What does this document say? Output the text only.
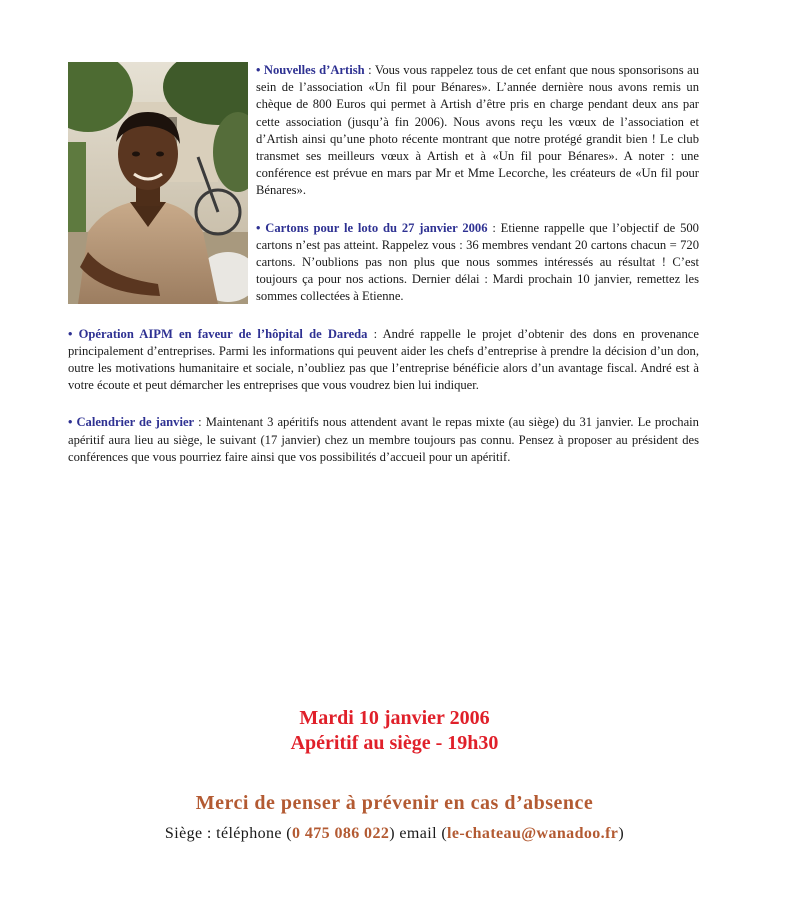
• Nouvelles d’Artish : Vous vous rappelez tous de cet enfant que nous sponsorisons au sein de l’association «Un fil pour Bénares». L’année dernière nous avons remis un chèque de 800 Euros qui permet à Artish d’être pris en charge pendant deux ans par cette association (jusqu’à fin 2006). Nous avons reçu les vœux de l’association et d’Artish ainsi qu’une photo récente montrant que notre protégé grandit bien ! Le club transmet ses meilleurs vœux à Artish et à «Un fil pour Bénares». A noter : une conférence est prévue en mars par Mr et Mme Lecorche, les créateurs de «Un fil pour Bénares».

• Cartons pour le loto du 27 janvier 2006 : Etienne rappelle que l’objectif de 500 cartons n’est pas atteint. Rappelez vous : 36 membres vendant 20 cartons chacun = 720 cartons. N’oublions pas non plus que nous sommes intéressés au résultat ! C’est toujours ça pour nos actions. Dernier délai : Mardi prochain 10 janvier, remettez les sommes collectées à Etienne.

• Opération AIPM en faveur de l’hôpital de Dareda : André rappelle le projet d’obtenir des dons en provenance principalement d’entreprises. Parmi les informations qui peuvent aider les chefs d’entreprise à prendre la décision d’un don, outre les motivations humanitaire et sociale, n’oubliez pas que l’entreprise bénéficie alors d’un avantage fiscal. André est à votre écoute et peut démarcher les entreprises que vous voudrez bien lui indiquer.

• Calendrier de janvier : Maintenant 3 apéritifs nous attendent avant le repas mixte (au siège) du 31 janvier. Le prochain apéritif aura lieu au siège, le suivant (17 janvier) chez un membre toujours pas connu. Pensez à proposer au président des conférences que vous pourriez faire ainsi que vos possibilités d’accueil pour un apéritif.

Mardi 10 janvier 2006
Apéritif au siège - 19h30
Merci de penser à prévenir en cas d’absence
Siège : téléphone (0 475 086 022) email (le-chateau@wanadoo.fr)
